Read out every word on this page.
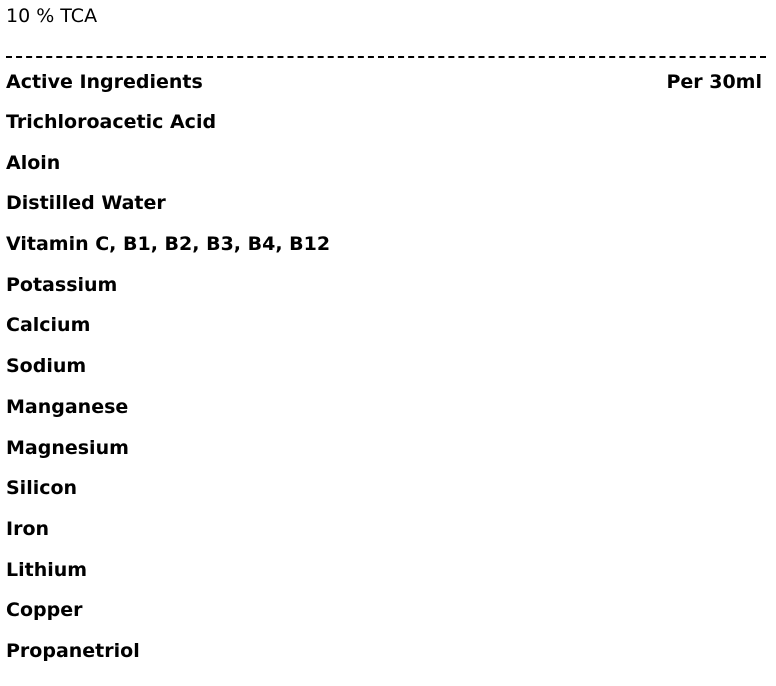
10 % TCA
Active Ingredients	Per 30ml
Trichloroacetic Acid
Aloin
Distilled Water
Vitamin C, B1, B2, B3, B4, B12
Potassium
Calcium
Sodium
Manganese
Magnesium
Silicon
Iron
Lithium
Copper
Propanetriol
